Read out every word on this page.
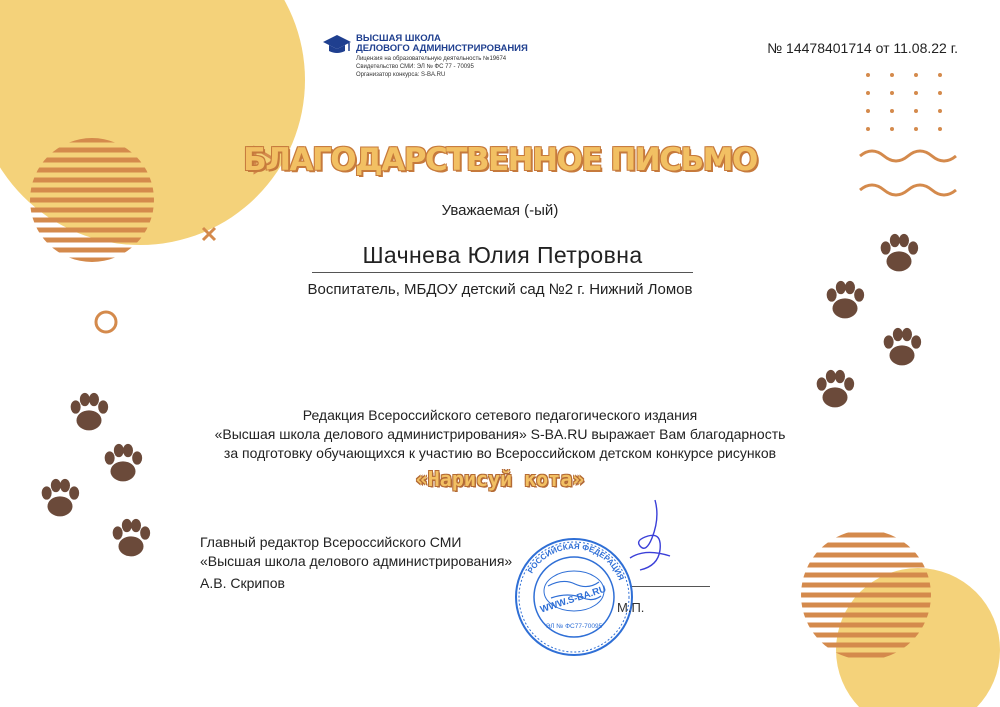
ВЫСШАЯ ШКОЛА
ДЕЛОВОГО АДМИНИСТРИРОВАНИЯ
Лицензия на образовательную деятельность №19674
Свидетельство СМИ: ЭЛ № ФС 77 - 70095
Организатор конкурса: S-BA.RU
№ 14478401714 от 11.08.22 г.
БЛАГОДАРСТВЕННОЕ ПИСЬМО
Уважаемая (-ый)
Шачнева Юлия Петровна
Воспитатель, МБДОУ детский сад №2 г. Нижний Ломов
Редакция Всероссийского сетевого педагогического издания
«Высшая школа делового администрирования» S-BA.RU выражает Вам благодарность
за подготовку обучающихся к участию во Всероссийском детском конкурсе рисунков
«Нарисуй кота»
Главный редактор Всероссийского СМИ
«Высшая школа делового администрирования»
А.В. Скрипов
РОССИЙСКАЯ ФЕДЕРАЦИЯ
WWW.S-BA.RU
ЭЛ № ФС77-70095
М.П.
